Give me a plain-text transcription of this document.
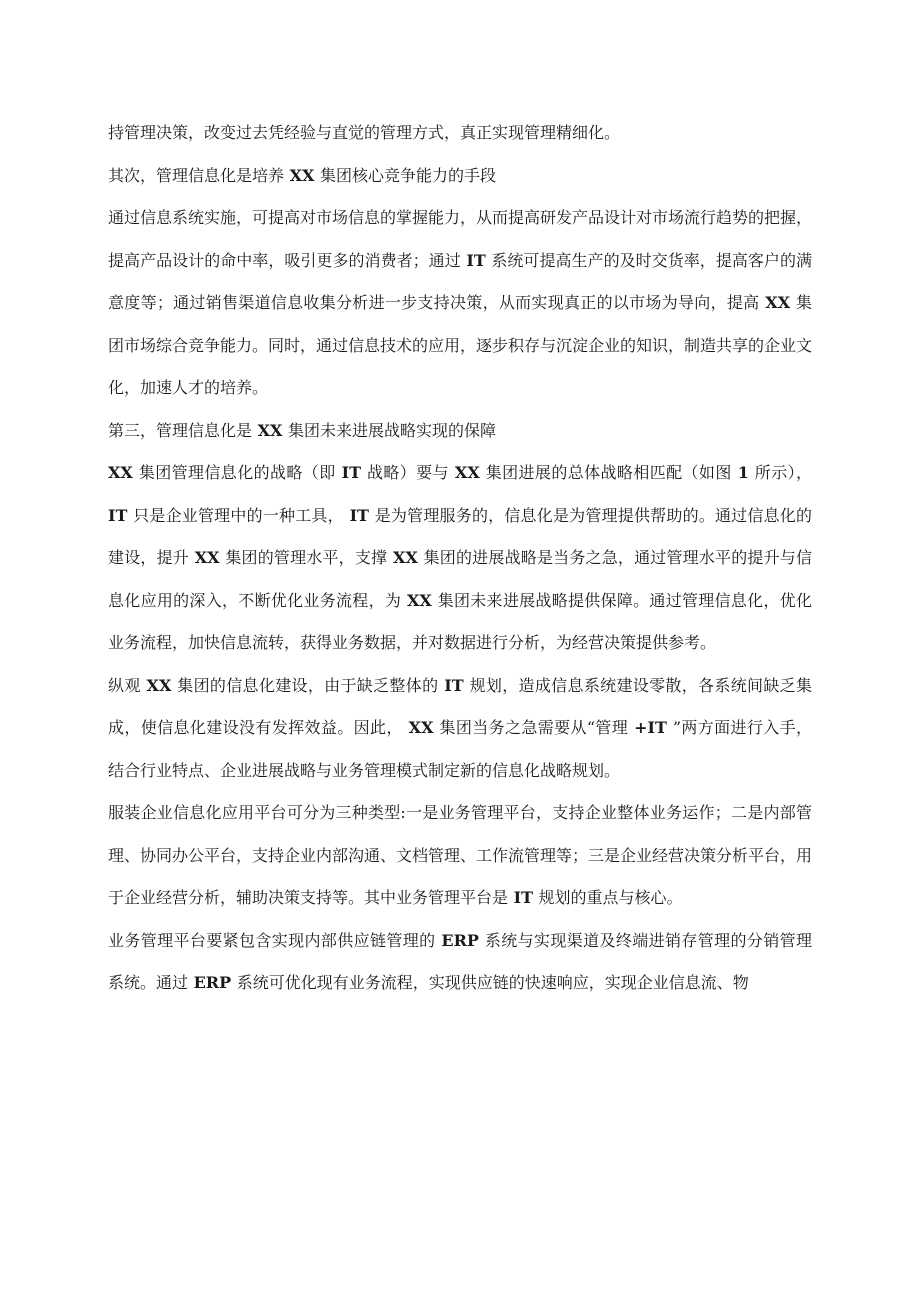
持管理决策，改变过去凭经验与直觉的管理方式，真正实现管理精细化。

其次，管理信息化是培养 XX 集团核心竞争能力的手段

通过信息系统实施，可提高对市场信息的掌握能力，从而提高研发产品设计对市场流行趋势的把握，提高产品设计的命中率，吸引更多的消费者；通过 IT 系统可提高生产的及时交货率，提高客户的满意度等；通过销售渠道信息收集分析进一步支持决策，从而实现真正的以市场为导向，提高 XX 集团市场综合竞争能力。同时，通过信息技术的应用，逐步积存与沉淀企业的知识，制造共享的企业文化，加速人才的培养。

第三，管理信息化是 XX 集团未来进展战略实现的保障

XX 集团管理信息化的战略（即 IT 战略）要与 XX 集团进展的总体战略相匹配（如图 1 所示）， IT 只是企业管理中的一种工具， IT 是为管理服务的，信息化是为管理提供帮助的。通过信息化的建设，提升 XX 集团的管理水平，支撑 XX 集团的进展战略是当务之急，通过管理水平的提升与信息化应用的深入，不断优化业务流程，为 XX 集团未来进展战略提供保障。通过管理信息化，优化业务流程，加快信息流转，获得业务数据，并对数据进行分析，为经营决策提供参考。

纵观 XX 集团的信息化建设，由于缺乏整体的 IT 规划，造成信息系统建设零散，各系统间缺乏集成，使信息化建设没有发挥效益。因此， XX 集团当务之急需要从“管理 +IT ”两方面进行入手，结合行业特点、企业进展战略与业务管理模式制定新的信息化战略规划。

服装企业信息化应用平台可分为三种类型:一是业务管理平台，支持企业整体业务运作；二是内部管理、协同办公平台，支持企业内部沟通、文档管理、工作流管理等；三是企业经营决策分析平台，用于企业经营分析，辅助决策支持等。其中业务管理平台是 IT 规划的重点与核心。

业务管理平台要紧包含实现内部供应链管理的 ERP 系统与实现渠道及终端进销存管理的分销管理系统。通过 ERP 系统可优化现有业务流程，实现供应链的快速响应，实现企业信息流、物
